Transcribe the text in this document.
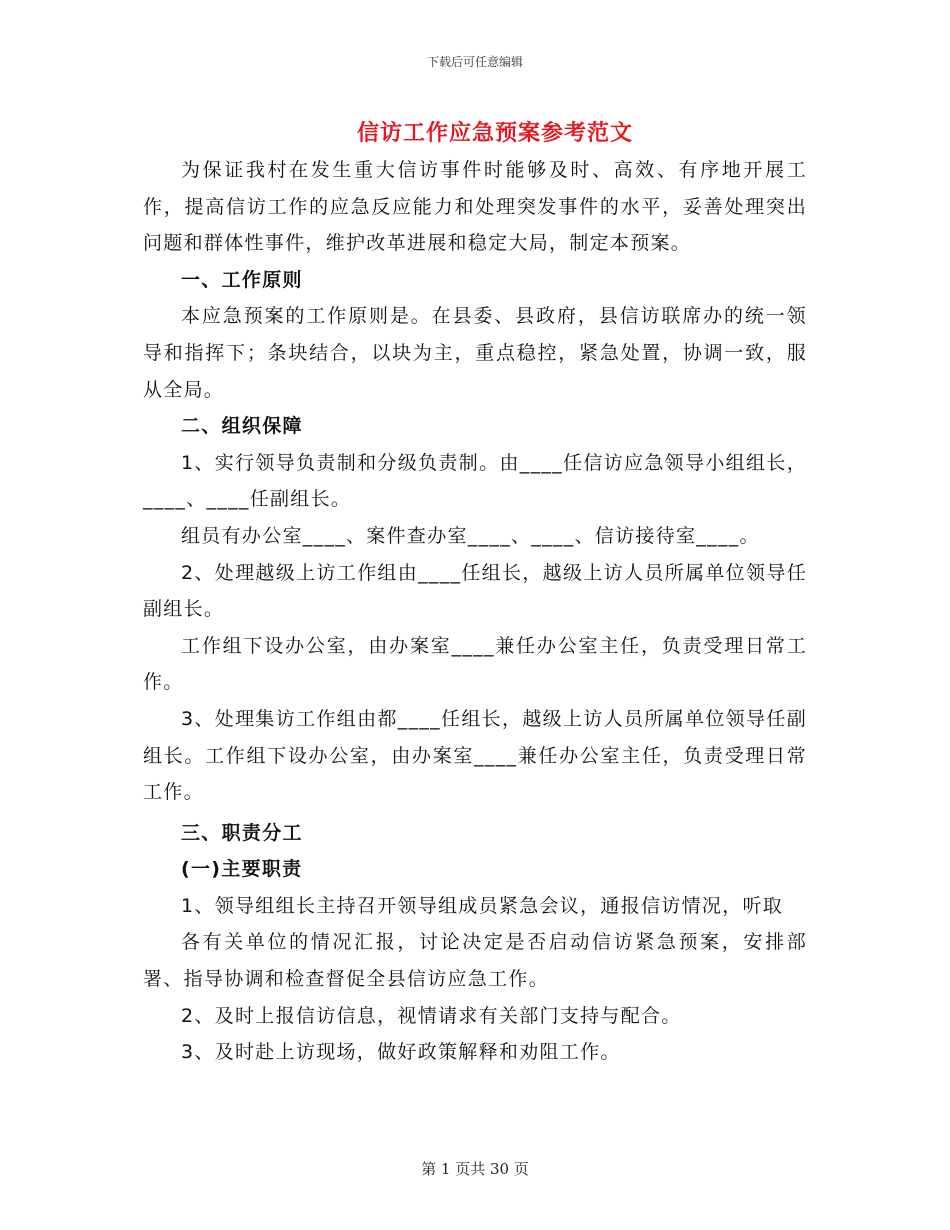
下载后可任意编辑
信访工作应急预案参考范文

为保证我村在发生重大信访事件时能够及时、高效、有序地开展工作，提高信访工作的应急反应能力和处理突发事件的水平，妥善处理突出问题和群体性事件，维护改革进展和稳定大局，制定本预案。

一、工作原则

本应急预案的工作原则是。在县委、县政府，县信访联席办的统一领导和指挥下；条块结合，以块为主，重点稳控，紧急处置，协调一致，服从全局。

二、组织保障

1、实行领导负责制和分级负责制。由____任信访应急领导小组组长，____、____任副组长。

组员有办公室____、案件查办室____、____、信访接待室____。

2、处理越级上访工作组由____任组长，越级上访人员所属单位领导任副组长。

工作组下设办公室，由办案室____兼任办公室主任，负责受理日常工作。

3、处理集访工作组由都____任组长，越级上访人员所属单位领导任副组长。工作组下设办公室，由办案室____兼任办公室主任，负责受理日常工作。

三、职责分工

(一)主要职责

1、领导组组长主持召开领导组成员紧急会议，通报信访情况，听取

各有关单位的情况汇报，讨论决定是否启动信访紧急预案，安排部署、指导协调和检查督促全县信访应急工作。

2、及时上报信访信息，视情请求有关部门支持与配合。

3、及时赴上访现场，做好政策解释和劝阻工作。

第 1 页共 30 页
